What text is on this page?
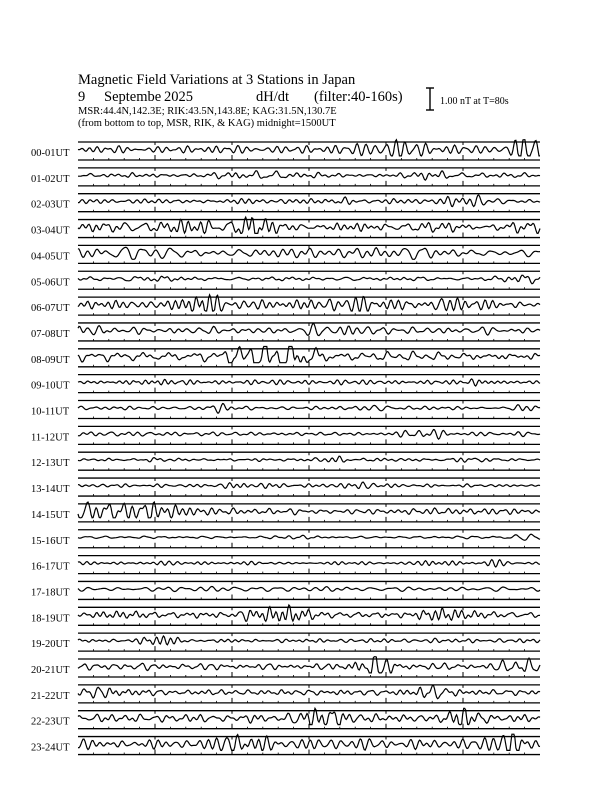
Magnetic Field Variations at 3 Stations in Japan
9 Septembe 2025	dH/dt (filter:40-160s)
MSR:44.4N,142.3E; RIK:43.5N,143.8E; KAG:31.5N,130.7E
(from bottom to top, MSR, RIK, & KAG) midnight=1500UT
1.00 nT at T=80s
00-01UT
01-02UT
02-03UT
03-04UT
04-05UT
05-06UT
06-07UT
07-08UT
08-09UT
09-10UT
10-11UT
11-12UT
12-13UT
13-14UT
14-15UT
15-16UT
16-17UT
17-18UT
18-19UT
19-20UT
20-21UT
21-22UT
22-23UT
23-24UT
